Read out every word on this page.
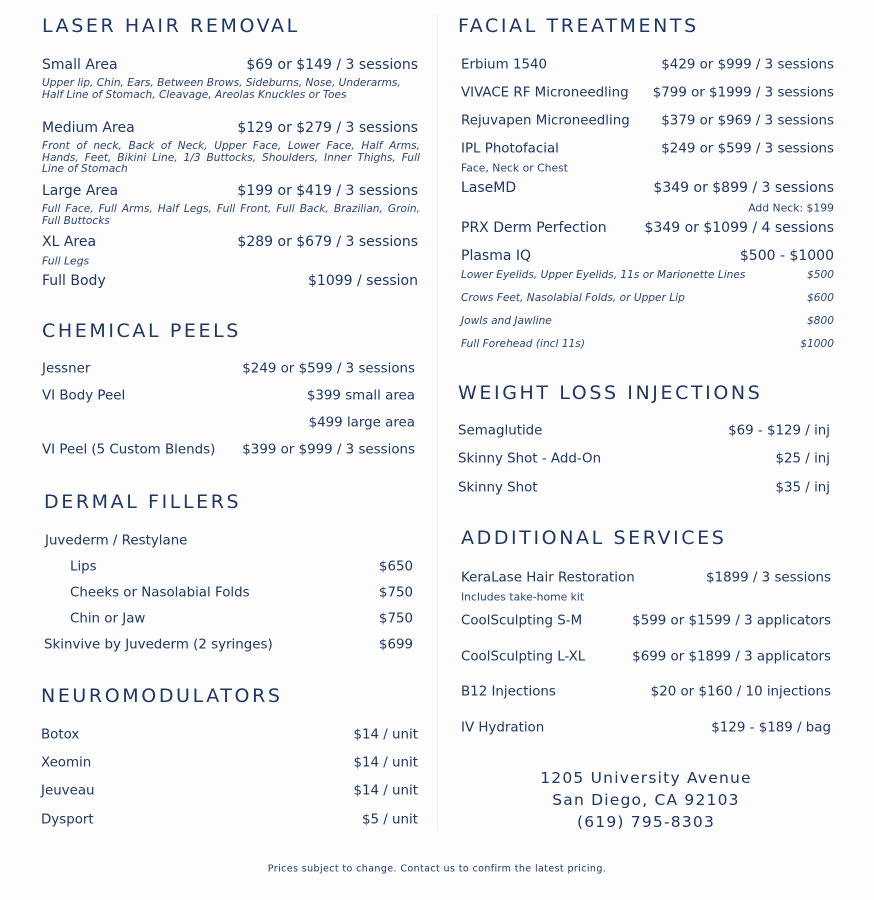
LASER HAIR REMOVAL
Small Area	$69 or $149 / 3 sessions
Upper lip, Chin, Ears, Between Brows, Sideburns, Nose, Underarms, Half Line of Stomach, Cleavage, Areolas Knuckles or Toes
Medium Area	$129 or $279 / 3 sessions
Front of neck, Back of Neck, Upper Face, Lower Face, Half Arms, Hands, Feet, Bikini Line, 1/3 Buttocks, Shoulders, Inner Thighs, Full Line of Stomach
Large Area	$199 or $419 / 3 sessions
Full Face, Full Arms, Half Legs, Full Front, Full Back, Brazilian, Groin, Full Buttocks
XL Area	$289 or $679 / 3 sessions
Full Legs
Full Body	$1099 / session
CHEMICAL PEELS
Jessner	$249 or $599 / 3 sessions
VI Body Peel	$399 small area
$499 large area
VI Peel (5 Custom Blends) $399 or $999 / 3 sessions
DERMAL FILLERS
Juvederm / Restylane
Lips	$650
Cheeks or Nasolabial Folds	$750
Chin or Jaw	$750
Skinvive by Juvederm (2 syringes)	$699
NEUROMODULATORS
Botox	$14 / unit
Xeomin	$14 / unit
Jeuveau	$14 / unit
Dysport	$5 / unit
FACIAL TREATMENTS
Erbium 1540	$429 or $999 / 3 sessions
VIVACE RF Microneedling $799 or $1999 / 3 sessions
Rejuvapen Microneedling $379 or $969 / 3 sessions
IPL Photofacial	$249 or $599 / 3 sessions
Face, Neck or Chest
LaseMD	$349 or $899 / 3 sessions
Add Neck: $199
PRX Derm Perfection	$349 or $1099 / 4 sessions
Plasma IQ	$500 - $1000
Lower Eyelids, Upper Eyelids, 11s or Marionette Lines	$500
Crows Feet, Nasolabial Folds, or Upper Lip	$600
Jowls and Jawline	$800
Full Forehead (incl 11s)	$1000
WEIGHT LOSS INJECTIONS
Semaglutide	$69 - $129 / inj
Skinny Shot - Add-On	$25 / inj
Skinny Shot	$35 / inj
ADDITIONAL SERVICES
KeraLase Hair Restoration	$1899 / 3 sessions
Includes take-home kit
CoolSculpting S-M	$599 or $1599 / 3 applicators
CoolSculpting L-XL	$699 or $1899 / 3 applicators
B12 Injections	$20 or $160 / 10 injections
IV Hydration	$129 - $189 / bag
1205 University Avenue
San Diego, CA 92103
(619) 795-8303
Prices subject to change. Contact us to confirm the latest pricing.
